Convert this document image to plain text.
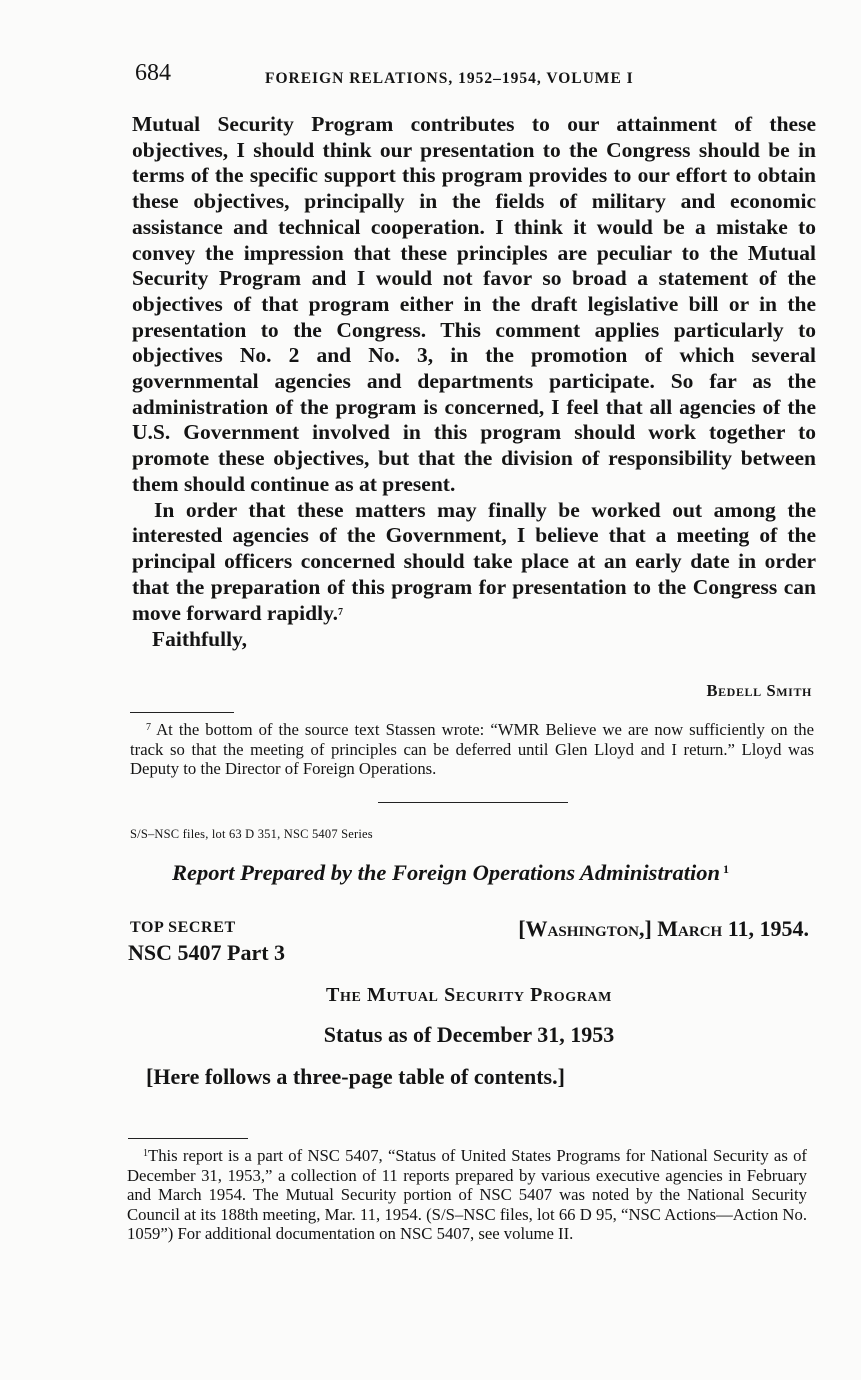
684	FOREIGN RELATIONS, 1952–1954, VOLUME I

Mutual Security Program contributes to our attainment of these objectives, I should think our presentation to the Congress should be in terms of the specific support this program provides to our effort to obtain these objectives, principally in the fields of military and economic assistance and technical cooperation. I think it would be a mistake to convey the impression that these principles are peculiar to the Mutual Security Program and I would not favor so broad a statement of the objectives of that program either in the draft legislative bill or in the presentation to the Congress. This comment applies particularly to objectives No. 2 and No. 3, in the promotion of which several governmental agencies and departments participate. So far as the administration of the program is concerned, I feel that all agencies of the U.S. Government involved in this program should work together to promote these objectives, but that the division of responsibility between them should continue as at present.

In order that these matters may finally be worked out among the interested agencies of the Government, I believe that a meeting of the principal officers concerned should take place at an early date in order that the preparation of this program for presentation to the Congress can move forward rapidly.$^7$

Faithfully,

Bedell Smith
$^7$ At the bottom of the source text Stassen wrote: “WMR Believe we are now sufficiently on the track so that the meeting of principles can be deferred until Glen Lloyd and I return.” Lloyd was Deputy to the Director of Foreign Operations.
S/S–NSC files, lot 63 D 351, NSC 5407 Series
Report Prepared by the Foreign Operations Administration $^1$
TOP SECRET	[Washington,] March 11, 1954.
NSC 5407 Part 3
The Mutual Security Program
Status as of December 31, 1953
[Here follows a three-page table of contents.]
$^1$This report is a part of NSC 5407, “Status of United States Programs for National Security as of December 31, 1953,” a collection of 11 reports prepared by various executive agencies in February and March 1954. The Mutual Security portion of NSC 5407 was noted by the National Security Council at its 188th meeting, Mar. 11, 1954. (S/S–NSC files, lot 66 D 95, “NSC Actions—Action No. 1059”) For additional documentation on NSC 5407, see volume II.
